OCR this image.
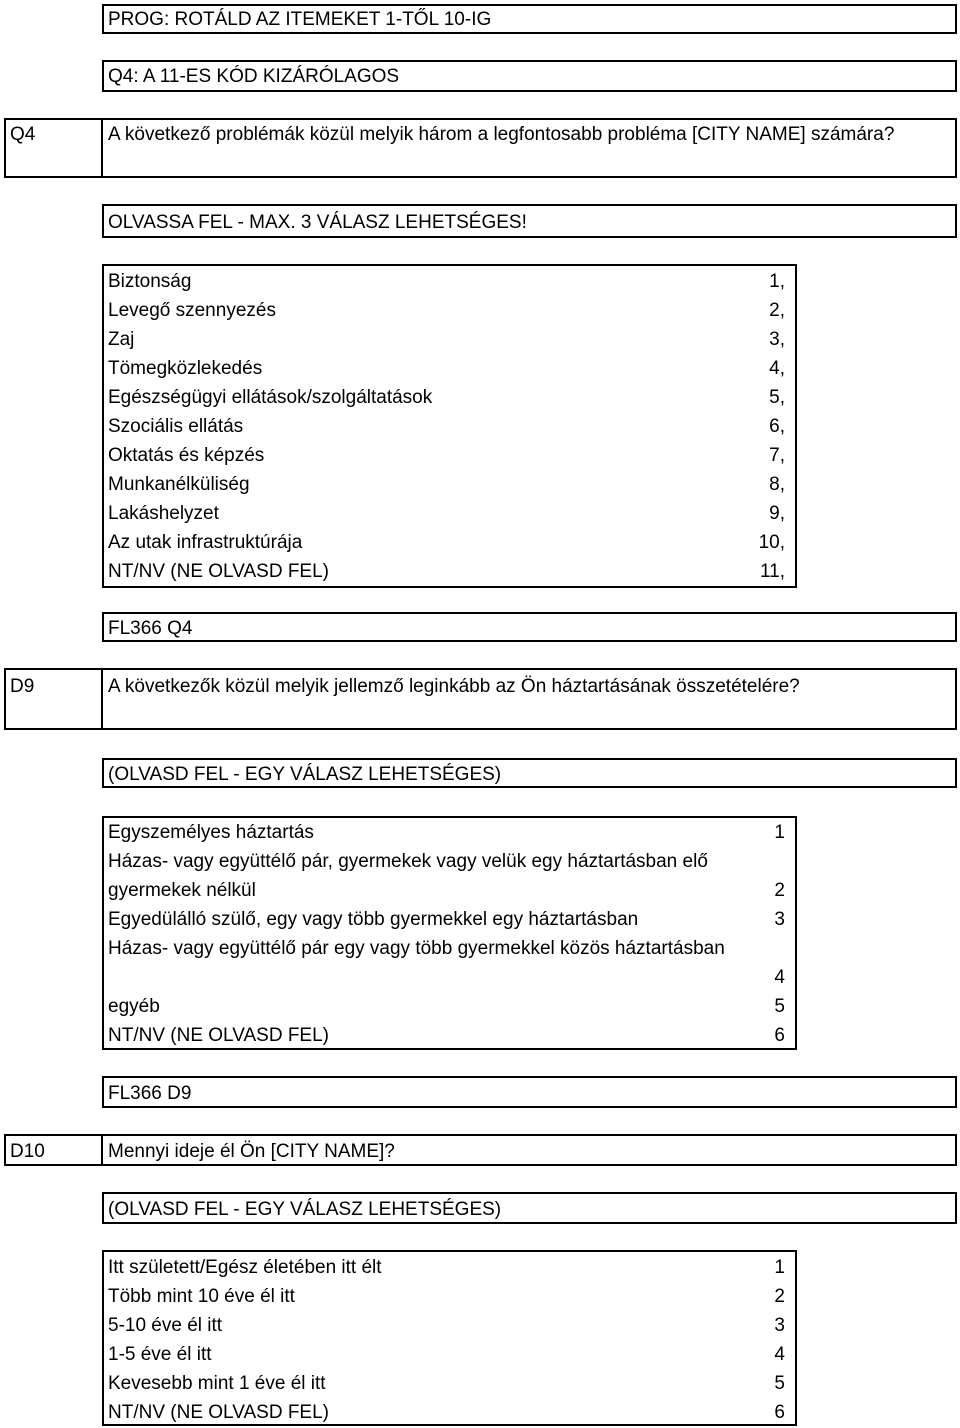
PROG: ROTÁLD AZ ITEMEKET 1-TŐL 10-IG
Q4: A 11-ES KÓD KIZÁRÓLAGOS
Q4	A következő problémák közül melyik három a legfontosabb probléma [CITY NAME] számára?
OLVASSA FEL - MAX. 3 VÁLASZ LEHETSÉGES!
Biztonság	1,
Levegő szennyezés	2,
Zaj	3,
Tömegközlekedés	4,
Egészségügyi ellátások/szolgáltatások	5,
Szociális ellátás	6,
Oktatás és képzés	7,
Munkanélküliség	8,
Lakáshelyzet	9,
Az utak infrastruktúrája	10,
NT/NV (NE OLVASD FEL)	11,
FL366 Q4
D9	A következők közül melyik jellemző leginkább az Ön háztartásának összetételére?
(OLVASD FEL - EGY VÁLASZ LEHETSÉGES)
Egyszemélyes háztartás	1
Házas- vagy együttélő pár, gyermekek vagy velük egy háztartásban elő
gyermekek nélkül	2
Egyedülálló szülő, egy vagy több gyermekkel egy háztartásban	3
Házas- vagy együttélő pár egy vagy több gyermekkel közös háztartásban
4
egyéb	5
NT/NV (NE OLVASD FEL)	6
FL366 D9
D10	Mennyi ideje él Ön [CITY NAME]?
(OLVASD FEL - EGY VÁLASZ LEHETSÉGES)
Itt született/Egész életében itt élt	1
Több mint 10 éve él itt	2
5-10 éve él itt	3
1-5 éve él itt	4
Kevesebb mint 1 éve él itt	5
NT/NV (NE OLVASD FEL)	6
